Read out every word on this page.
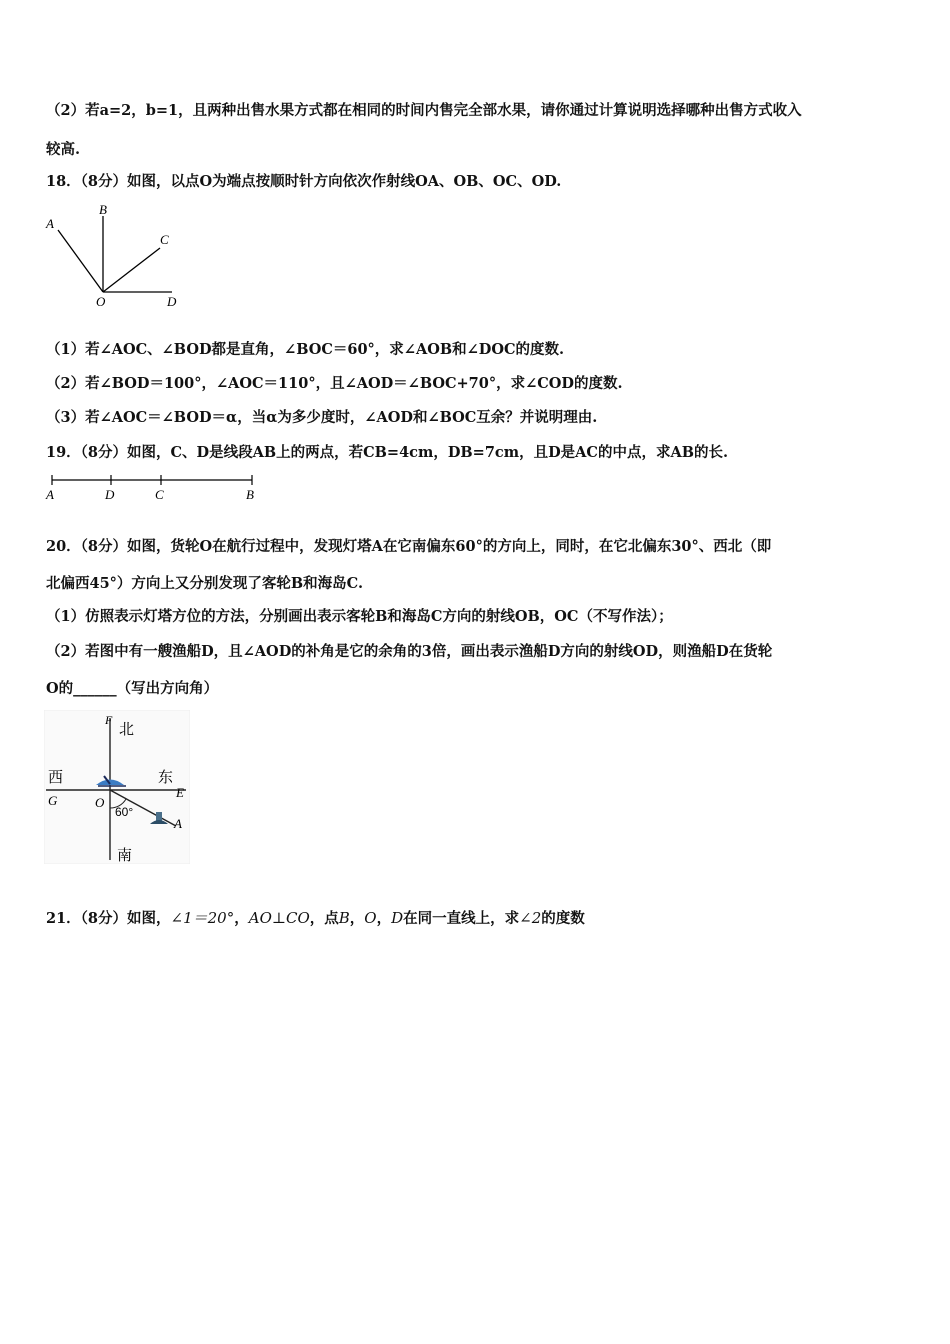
（2）若a=2，b=1，且两种出售水果方式都在相同的时间内售完全部水果，请你通过计算说明选择哪种出售方式收入
较高.
18．（8分）如图，以点O为端点按顺时针方向依次作射线OA、OB、OC、OD.
A
B
C
O	D
（1）若∠AOC、∠BOD都是直角，∠BOC＝60°，求∠AOB和∠DOC的度数.
（2）若∠BOD＝100°，∠AOC＝110°，且∠AOD＝∠BOC+70°，求∠COD的度数.
（3）若∠AOC＝∠BOD＝α，当α为多少度时，∠AOD和∠BOC互余？并说明理由.
19．（8分）如图，C、D是线段AB上的两点，若CB=4cm，DB=7cm，且D是AC的中点，求AB的长.
A	D	C	B
20．（8分）如图，货轮O在航行过程中，发现灯塔A在它南偏东60°的方向上，同时，在它北偏东30°、西北（即
北偏西45°）方向上又分别发现了客轮B和海岛C.
（1）仿照表示灯塔方位的方法，分别画出表示客轮B和海岛C方向的射线OB，OC（不写作法）；
（2）若图中有一艘渔船D，且∠AOD的补角是它的余角的3倍，画出表示渔船D方向的射线OD，则渔船D在货轮
O的______（写出方向角）
F 北
西	东
G	O
E
60°
A
南
21．（8分）如图，∠1＝20°，AO⊥CO，点B，O，D在同一直线上，求∠2的度数
